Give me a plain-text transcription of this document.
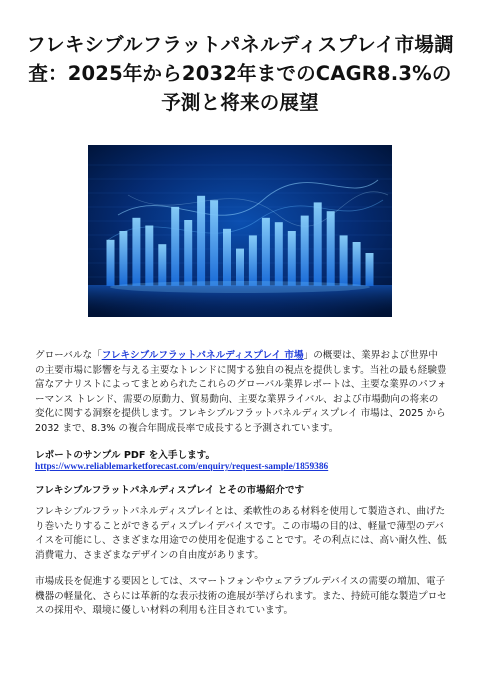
フレキシブルフラットパネルディスプレイ市場調査：2025年から2032年までのCAGR8.3%の予測と将来の展望
グローバルな「フレキシブルフラットパネルディスプレイ 市場」の概要は、業界および世界中の主要市場に影響を与える主要なトレンドに関する独自の視点を提供します。当社の最も経験豊富なアナリストによってまとめられたこれらのグローバル業界レポートは、主要な業界のパフォーマンス トレンド、需要の原動力、貿易動向、主要な業界ライバル、および市場動向の将来の変化に関する洞察を提供します。フレキシブルフラットパネルディスプレイ 市場は、2025 から 2032 まで、8.3% の複合年間成長率で成長すると予測されています。
レポートのサンプル PDF を入手します。
https://www.reliablemarketforecast.com/enquiry/request-sample/1859386
フレキシブルフラットパネルディスプレイ とその市場紹介です
フレキシブルフラットパネルディスプレイとは、柔軟性のある材料を使用して製造され、曲げたり巻いたりすることができるディスプレイデバイスです。この市場の目的は、軽量で薄型のデバイスを可能にし、さまざまな用途での使用を促進することです。その利点には、高い耐久性、低消費電力、さまざまなデザインの自由度があります。
市場成長を促進する要因としては、スマートフォンやウェアラブルデバイスの需要の増加、電子機器の軽量化、さらには革新的な表示技術の進展が挙げられます。また、持続可能な製造プロセスの採用や、環境に優しい材料の利用も注目されています。
